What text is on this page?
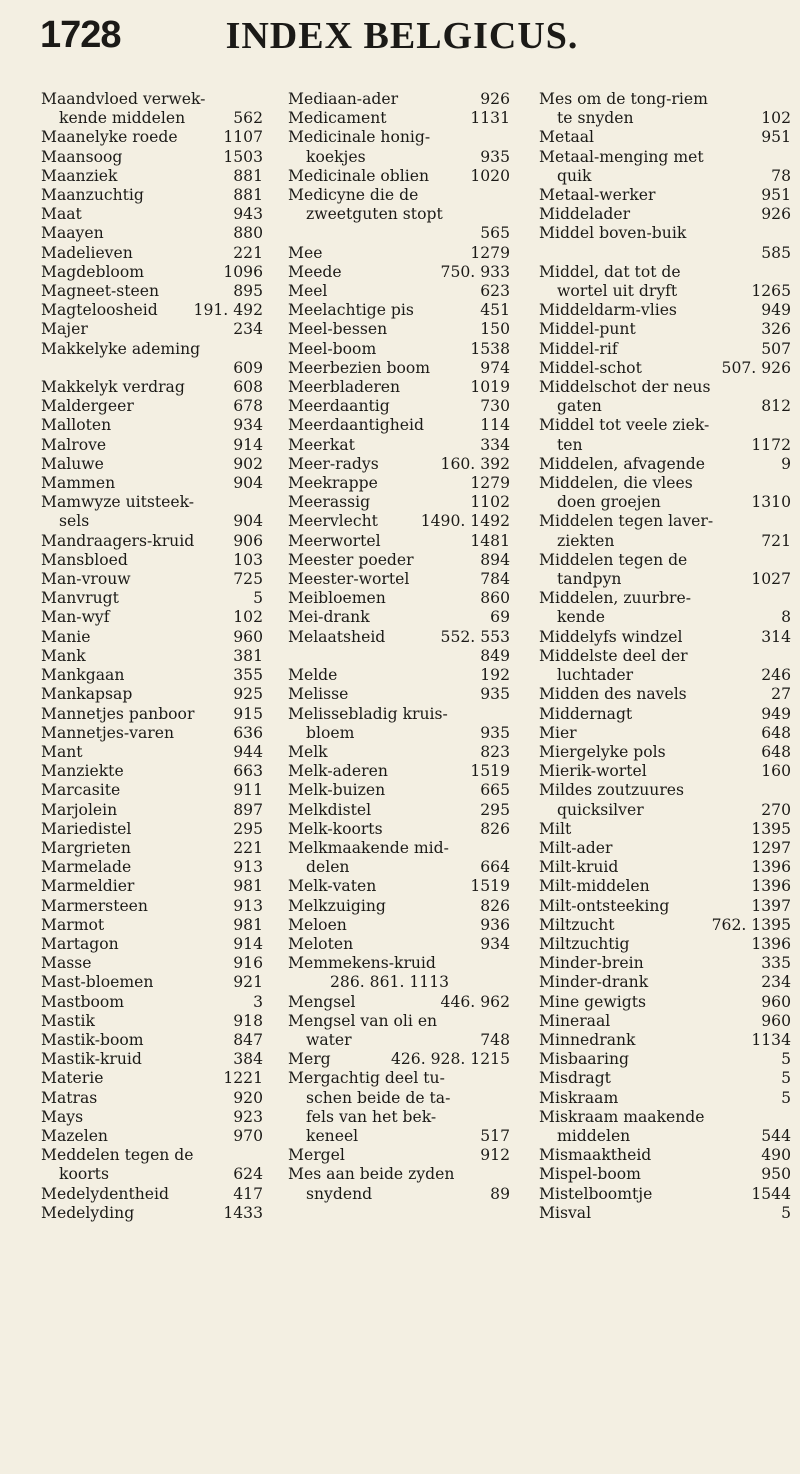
1728	INDEX BELGICUS.
Maandvloed verwek-
kende middelen	562
Maanelyke roede	1107
Maansoog	1503
Maanziek	881
Maanzuchtig	881
Maat	943
Maayen	880
Madelieven	221
Magdebloom	1096
Magneet-steen	895
Magteloosheid	191. 492
Majer	234
Makkelyke ademing
609
Makkelyk verdrag	608
Maldergeer	678
Malloten	934
Malrove	914
Maluwe	902
Mammen	904
Mamwyze uitsteek-
sels	904
Mandraagers-kruid	906
Mansbloed	103
Man-vrouw	725
Manvrugt	5
Man-wyf	102
Manie	960
Mank	381
Mankgaan	355
Mankapsap	925
Mannetjes panboor	915
Mannetjes-varen	636
Mant	944
Manziekte	663
Marcasite	911
Marjolein	897
Mariedistel	295
Margrieten	221
Marmelade	913
Marmeldier	981
Marmersteen	913
Marmot	981
Martagon	914
Masse	916
Mast-bloemen	921
Mastboom	3
Mastik	918
Mastik-boom	847
Mastik-kruid	384
Materie	1221
Matras	920
Mays	923
Mazelen	970
Meddelen tegen de
koorts	624
Medelydentheid	417
Medelyding	1433
Mediaan-ader	926
Medicament	1131
Medicinale honig-
koekjes	935
Medicinale oblien	1020
Medicyne die de
zweetguten stopt
565
Mee	1279
Meede	750. 933
Meel	623
Meelachtige pis	451
Meel-bessen	150
Meel-boom	1538
Meerbezien boom	974
Meerbladeren	1019
Meerdaantig	730
Meerdaantigheid	114
Meerkat	334
Meer-radys	160. 392
Meekrappe	1279
Meerassig	1102
Meervlecht	1490. 1492
Meerwortel	1481
Meester poeder	894
Meester-wortel	784
Meibloemen	860
Mei-drank	69
Melaatsheid	552. 553
849
Melde	192
Melisse	935
Melissebladig kruis-
bloem	935
Melk	823
Melk-aderen	1519
Melk-buizen	665
Melkdistel	295
Melk-koorts	826
Melkmaakende mid-
delen	664
Melk-vaten	1519
Melkzuiging	826
Meloen	936
Meloten	934
Memmekens-kruid
286. 861. 1113
Mengsel	446. 962
Mengsel van oli en
water	748
Merg	426. 928. 1215
Mergachtig deel tu-
schen beide de ta-
fels van het bek-
keneel	517
Mergel	912
Mes aan beide zyden
snydend	89
Mes om de tong-riem
te snyden	102
Metaal	951
Metaal-menging met
quik	78
Metaal-werker	951
Middelader	926
Middel boven-buik
585
Middel, dat tot de
wortel uit dryft	1265
Middeldarm-vlies	949
Middel-punt	326
Middel-rif	507
Middel-schot	507. 926
Middelschot der neus
gaten	812
Middel tot veele ziek-
ten	1172
Middelen, afvagende	9
Middelen, die vlees
doen groejen	1310
Middelen tegen laver-
ziekten	721
Middelen tegen de
tandpyn	1027
Middelen, zuurbre-
kende	8
Middelyfs windzel	314
Middelste deel der
luchtader	246
Midden des navels	27
Middernagt	949
Mier	648
Miergelyke pols	648
Mierik-wortel	160
Mildes zoutzuures
quicksilver	270
Milt	1395
Milt-ader	1297
Milt-kruid	1396
Milt-middelen	1396
Milt-ontsteeking	1397
Miltzucht	762. 1395
Miltzuchtig	1396
Minder-brein	335
Minder-drank	234
Mine gewigts	960
Mineraal	960
Minnedrank	1134
Misbaaring	5
Misdragt	5
Miskraam	5
Miskraam maakende
middelen	544
Mismaaktheid	490
Mispel-boom	950
Mistelboomtje	1544
Misval	5
